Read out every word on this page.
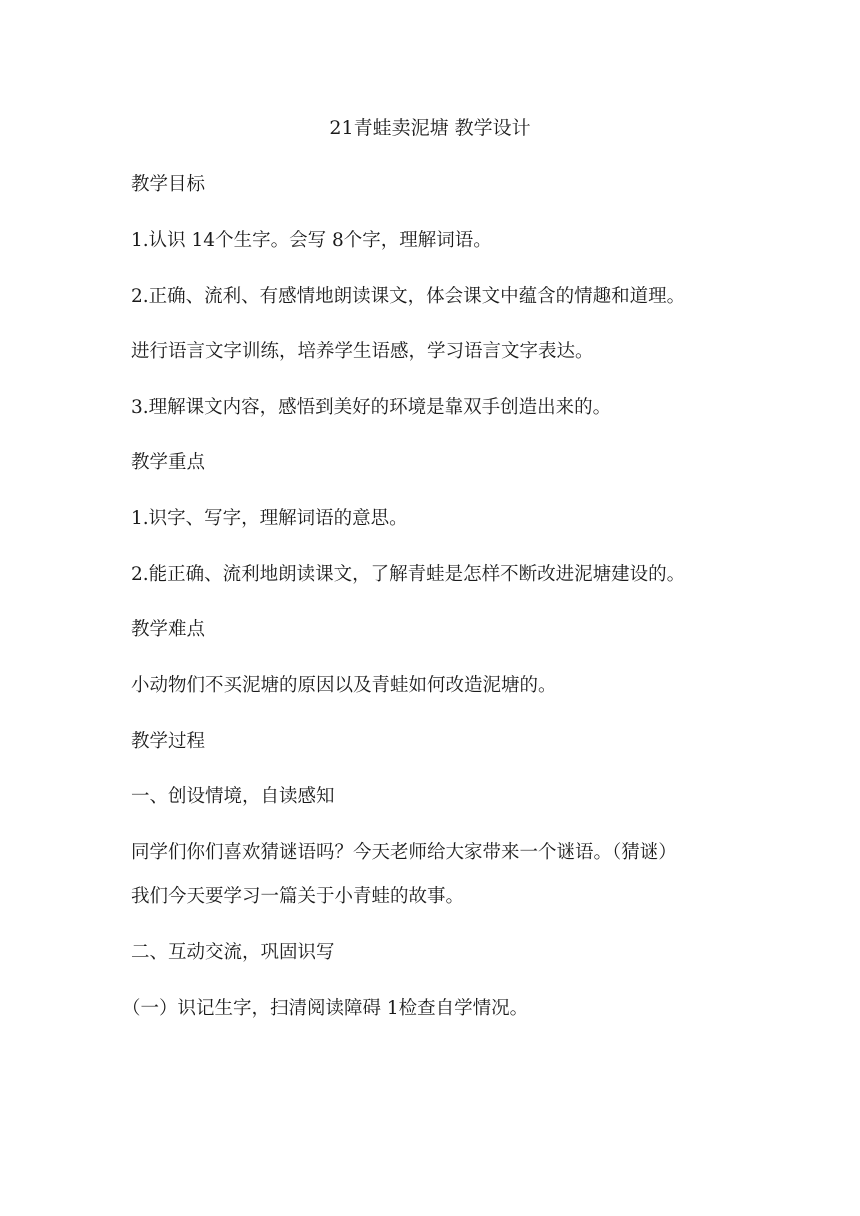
21青蛙卖泥塘 教学设计
教学目标
1.认识 14个生字。会写 8个字，理解词语。
2.正确、流利、有感情地朗读课文，体会课文中蕴含的情趣和道理。
进行语言文字训练，培养学生语感，学习语言文字表达。
3.理解课文内容，感悟到美好的环境是靠双手创造出来的。
教学重点
1.识字、写字，理解词语的意思。
2.能正确、流利地朗读课文，了解青蛙是怎样不断改进泥塘建设的。
教学难点
小动物们不买泥塘的原因以及青蛙如何改造泥塘的。
教学过程
一、创设情境，自读感知
同学们你们喜欢猜谜语吗？今天老师给大家带来一个谜语。（猜谜）
我们今天要学习一篇关于小青蛙的故事。
二、互动交流，巩固识写
（一）识记生字，扫清阅读障碍 1检查自学情况。
